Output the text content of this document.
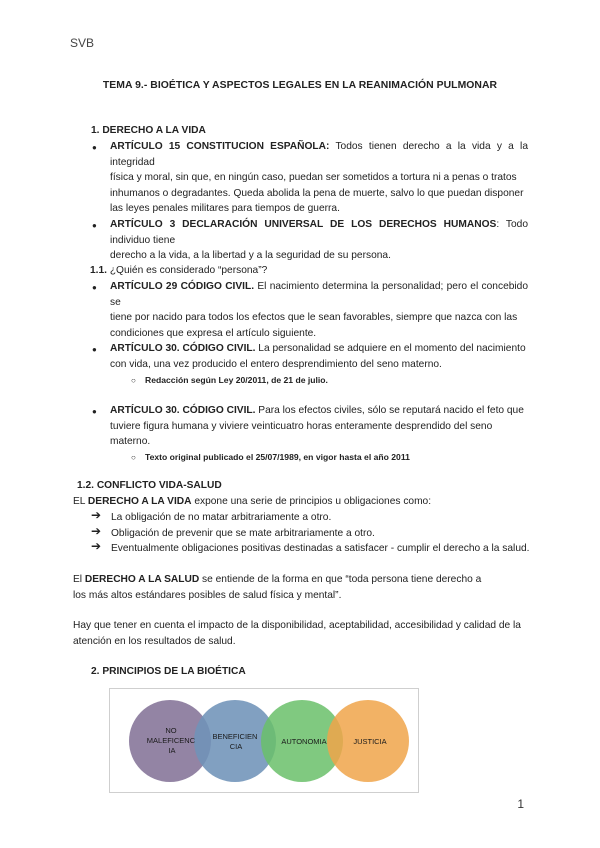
SVB
TEMA 9.- BIOÉTICA Y ASPECTOS LEGALES EN LA REANIMACIÓN PULMONAR
1. DERECHO A LA VIDA
● ARTÍCULO 15 CONSTITUCION ESPAÑOLA: Todos tienen derecho a la vida y a la integridad
física y moral, sin que, en ningún caso, puedan ser sometidos a tortura ni a penas o tratos
inhumanos o degradantes. Queda abolida la pena de muerte, salvo lo que puedan disponer
las leyes penales militares para tiempos de guerra.
● ARTÍCULO 3 DECLARACIÓN UNIVERSAL DE LOS DERECHOS HUMANOS: Todo individuo tiene
derecho a la vida, a la libertad y a la seguridad de su persona.
1.1. ¿Quién es considerado “persona”?
● ARTÍCULO 29 CÓDIGO CIVIL. El nacimiento determina la personalidad; pero el concebido se
tiene por nacido para todos los efectos que le sean favorables, siempre que nazca con las
condiciones que expresa el artículo siguiente.
● ARTÍCULO 30. CÓDIGO CIVIL. La personalidad se adquiere en el momento del nacimiento
con vida, una vez producido el entero desprendimiento del seno materno.
○ Redacción según Ley 20/2011, de 21 de julio.
● ARTÍCULO 30. CÓDIGO CIVIL. Para los efectos civiles, sólo se reputará nacido el feto que
tuviere figura humana y viviere veinticuatro horas enteramente desprendido del seno
materno.
○ Texto original publicado el 25/07/1989, en vigor hasta el año 2011
1.2. CONFLICTO VIDA-SALUD
EL DERECHO A LA VIDA expone una serie de principios u obligaciones como:
➔ La obligación de no matar arbitrariamente a otro.
➔ Obligación de prevenir que se mate arbitrariamente a otro.
➔ Eventualmente obligaciones positivas destinadas a satisfacer - cumplir el derecho a la salud.
El DERECHO A LA SALUD se entiende de la forma en que “toda persona tiene derecho a
los más altos estándares posibles de salud física y mental”.
Hay que tener en cuenta el impacto de la disponibilidad, aceptabilidad, accesibilidad y calidad de la
atención en los resultados de salud.
2. PRINCIPIOS DE LA BIOÉTICA
NO MALEFICENC IA
BENEFICIEN CIA
AUTONOMIA	JUSTICIA
1
